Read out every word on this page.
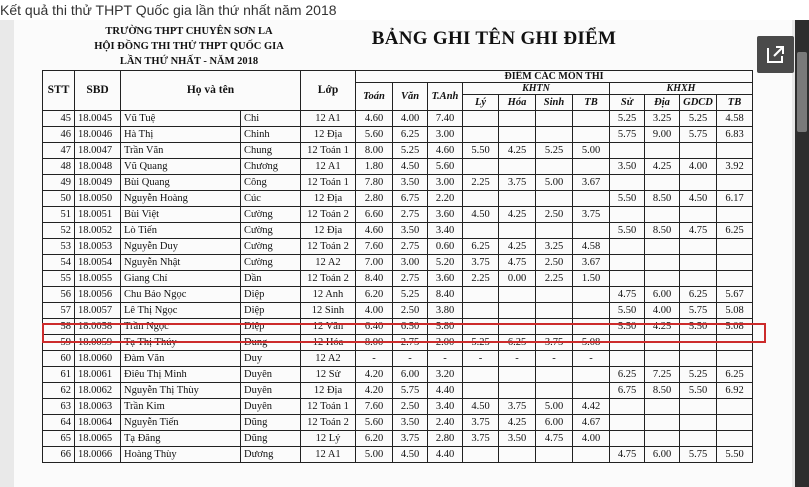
Kết quả thi thử THPT Quốc gia lần thứ nhất năm 2018
TRƯỜNG THPT CHUYÊN SƠN LA
HỘI ĐỒNG THI THỬ THPT QUỐC GIA
LẦN THỨ NHẤT - NĂM 2018
BẢNG GHI TÊN GHI ĐIỂM
STT	SBD	Họ và tên		Lớp	ĐIỂM CÁC MÔN THI										
					Toán	Văn	T.Anh	KHTN				KHXH			
								Lý	Hóa	Sinh	TB	Sử	Địa	GDCD	TB
45	18.0045	Vũ Tuệ	Chi	12 A1	4.60	4.00	7.40					5.25	3.25	5.25	4.58
46	18.0046	Hà Thị	Chinh	12 Địa	5.60	6.25	3.00					5.75	9.00	5.75	6.83
47	18.0047	Trần Văn	Chung	12 Toán 1	8.00	5.25	4.60	5.50	4.25	5.25	5.00				
48	18.0048	Vũ Quang	Chương	12 A1	1.80	4.50	5.60					3.50	4.25	4.00	3.92
49	18.0049	Bùi Quang	Công	12 Toán 1	7.80	3.50	3.00	2.25	3.75	5.00	3.67				
50	18.0050	Nguyễn Hoàng	Cúc	12 Địa	2.80	6.75	2.20					5.50	8.50	4.50	6.17
51	18.0051	Bùi Việt	Cường	12 Toán 2	6.60	2.75	3.60	4.50	4.25	2.50	3.75				
52	18.0052	Lò Tiến	Cường	12 Địa	4.60	3.50	3.40					5.50	8.50	4.75	6.25
53	18.0053	Nguyễn Duy	Cường	12 Toán 2	7.60	2.75	0.60	6.25	4.25	3.25	4.58				
54	18.0054	Nguyễn Nhật	Cường	12 A2	7.00	3.00	5.20	3.75	4.75	2.50	3.67				
55	18.0055	Giang Chí	Dần	12 Toán 2	8.40	2.75	3.60	2.25	0.00	2.25	1.50				
56	18.0056	Chu Bảo Ngọc	Diệp	12 Anh	6.20	5.25	8.40					4.75	6.00	6.25	5.67
57	18.0057	Lê Thị Ngọc	Diệp	12 Sinh	4.00	2.50	3.80					5.50	4.00	5.75	5.08
58	18.0058	Trần Ngọc	Diệp	12 Văn	6.40	6.50	5.80					5.50	4.25	5.50	5.08
59	18.0059	Tạ Thị Thúy	Dung	12 Hóa	8.00	2.75	2.00	5.25	6.25	3.75	5.08				
60	18.0060	Đàm Văn	Duy	12 A2	-	-	-	-	-	-	-				
61	18.0061	Điêu Thị Minh	Duyên	12 Sử	4.20	6.00	3.20					6.25	7.25	5.25	6.25
62	18.0062	Nguyễn Thị Thùy	Duyên	12 Địa	4.20	5.75	4.40					6.75	8.50	5.50	6.92
63	18.0063	Trần Kim	Duyên	12 Toán 1	7.60	2.50	3.40	4.50	3.75	5.00	4.42				
64	18.0064	Nguyễn Tiến	Dũng	12 Toán 2	5.60	3.50	2.40	3.75	4.25	6.00	4.67				
65	18.0065	Tạ Đăng	Dũng	12 Lý	6.20	3.75	2.80	3.75	3.50	4.75	4.00				
66	18.0066	Hoàng Thùy	Dương	12 A1	5.00	4.50	4.40					4.75	6.00	5.75	5.50
